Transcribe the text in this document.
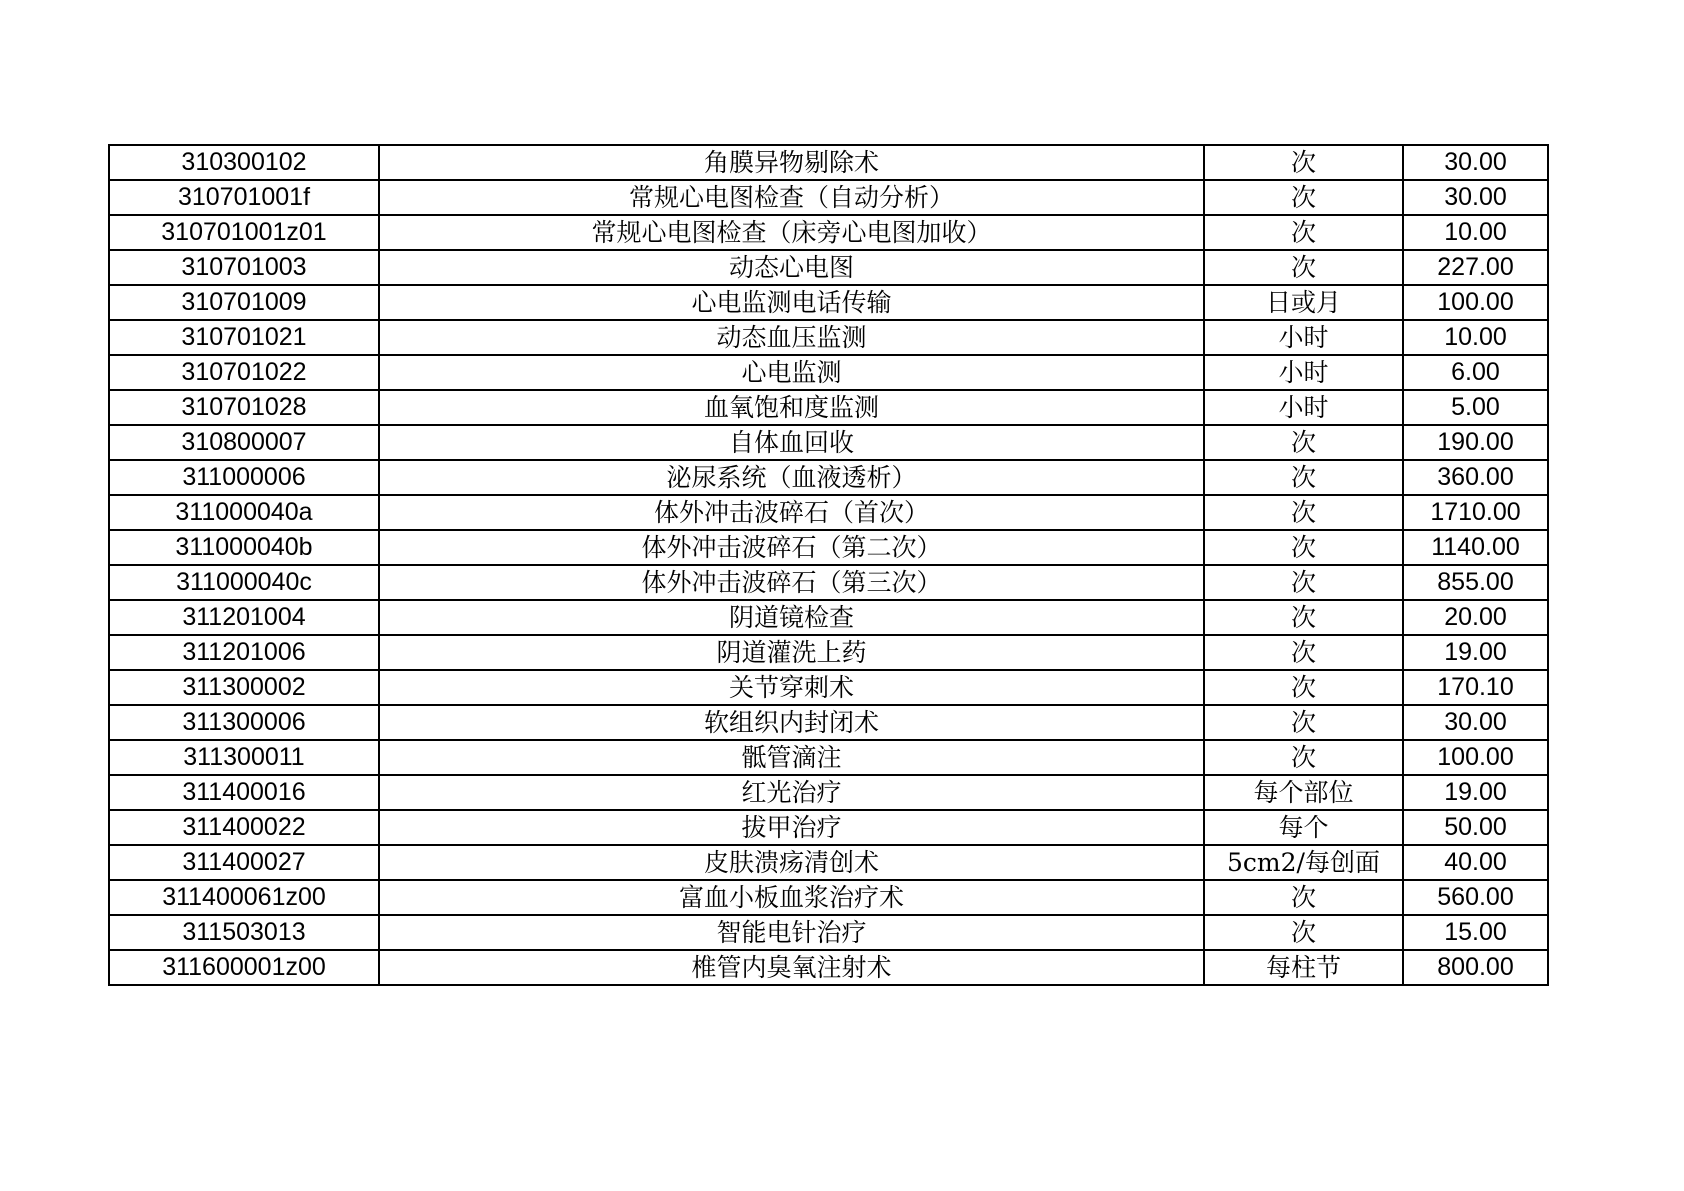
310300102	角膜异物剔除术	次	30.00
310701001f	常规心电图检查（自动分析）	次	30.00
310701001z01	常规心电图检查（床旁心电图加收）	次	10.00
310701003	动态心电图	次	227.00
310701009	心电监测电话传输	日或月	100.00
310701021	动态血压监测	小时	10.00
310701022	心电监测	小时	6.00
310701028	血氧饱和度监测	小时	5.00
310800007	自体血回收	次	190.00
311000006	泌尿系统（血液透析）	次	360.00
311000040a	体外冲击波碎石（首次）	次	1710.00
311000040b	体外冲击波碎石（第二次）	次	1140.00
311000040c	体外冲击波碎石（第三次）	次	855.00
311201004	阴道镜检查	次	20.00
311201006	阴道灌洗上药	次	19.00
311300002	关节穿刺术	次	170.10
311300006	软组织内封闭术	次	30.00
311300011	骶管滴注	次	100.00
311400016	红光治疗	每个部位	19.00
311400022	拔甲治疗	每个	50.00
311400027	皮肤溃疡清创术	5cm2/每创面	40.00
311400061z00	富血小板血浆治疗术	次	560.00
311503013	智能电针治疗	次	15.00
311600001z00	椎管内臭氧注射术	每柱节	800.00
